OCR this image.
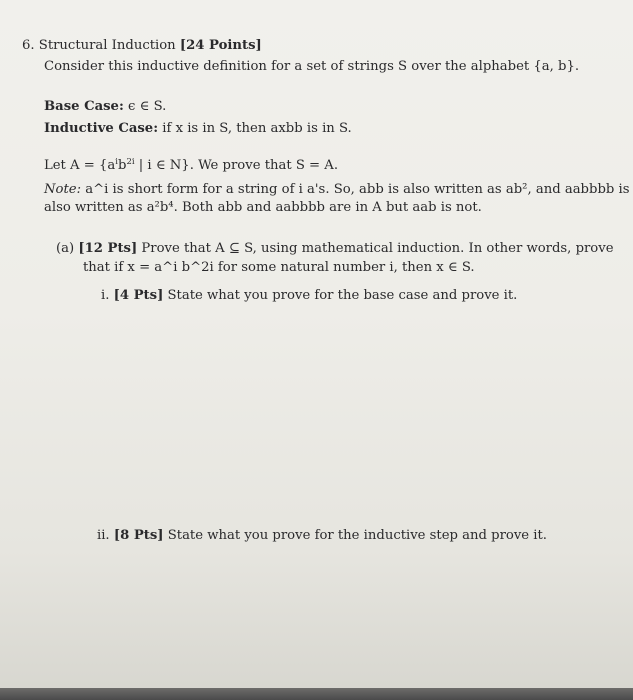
6. Structural Induction [24 Points]
Consider this inductive definition for a set of strings S over the alphabet {a, b}.
Base Case: ϵ ∈ S.
Inductive Case: if x is in S, then axbb is in S.
Let $A = \{a^ib^{2i}$ | i ∈ N}. We prove that S = A.
Note: a^i is short form for a string of i a's. So, abb is also written as ab², and aabbbb is
also written as a²b⁴. Both abb and aabbbb are in A but aab is not.
(a) [12 Pts] Prove that A ⊆ S, using mathematical induction. In other words, prove
that if x = a^i b^2i for some natural number i, then x ∈ S.
i. [4 Pts] State what you prove for the base case and prove it.
ii. [8 Pts] State what you prove for the inductive step and prove it.
